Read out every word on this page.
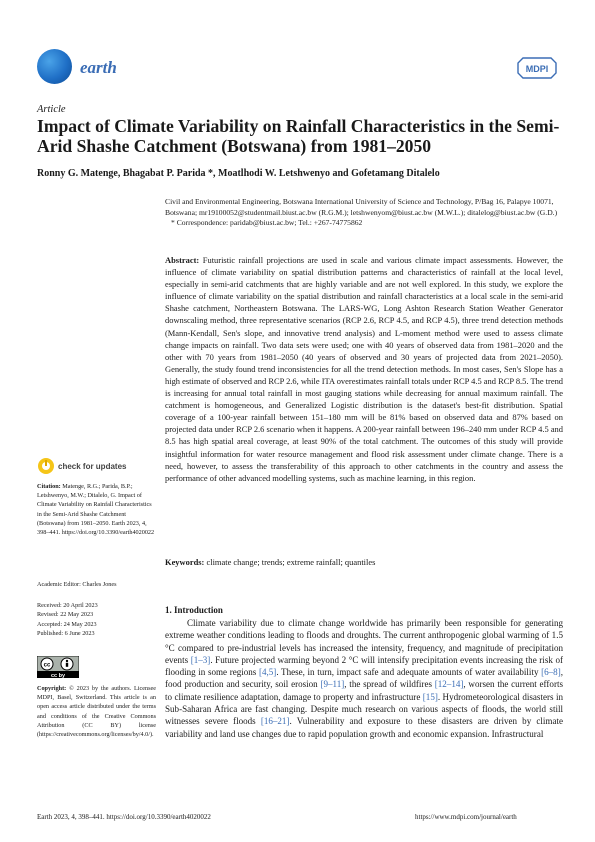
earth	MDPI
Article
Impact of Climate Variability on Rainfall Characteristics in the Semi-Arid Shashe Catchment (Botswana) from 1981–2050
Ronny G. Matenge, Bhagabat P. Parida *, Moatlhodi W. Letshwenyo and Gofetamang Ditalelo
Civil and Environmental Engineering, Botswana International University of Science and Technology, P/Bag 16, Palapye 10071, Botswana; mr19100052@studentmail.biust.ac.bw (R.G.M.); letshwenyom@biust.ac.bw (M.W.L.); ditalelog@biust.ac.bw (G.D.)
* Correspondence: paridab@biust.ac.bw; Tel.: +267-74775862
Abstract: Futuristic rainfall projections are used in scale and various climate impact assessments. However, the influence of climate variability on spatial distribution patterns and characteristics of rainfall at the local level, especially in semi-arid catchments that are highly variable and are not well explored. In this study, we explore the influence of climate variability on the spatial distribution and rainfall characteristics at a local scale in the semi-arid Shashe catchment, Northeastern Botswana. The LARS-WG, Long Ashton Research Station Weather Generator downscaling method, three representative scenarios (RCP 2.6, RCP 4.5, and RCP 4.5), three trend detection methods (Mann-Kendall, Sen's slope, and innovative trend analysis) and L-moment method were used to assess climate change impacts on rainfall. Two data sets were used; one with 40 years of observed data from 1981–2020 and the other with 70 years from 1981–2050 (40 years of observed and 30 years of projected data from 2021–2050). Generally, the study found trend inconsistencies for all the trend detection methods. In most cases, Sen's Slope has a high estimate of observed and RCP 2.6, while ITA overestimates rainfall totals under RCP 4.5 and RCP 8.5. The trend is increasing for annual total rainfall in most gauging stations while decreasing for annual maximum rainfall. The catchment is homogeneous, and Generalized Logistic distribution is the dataset's best-fit distribution. Spatial coverage of a 100-year rainfall between 151–180 mm will be 81% based on observed data and 87% based on projected data under RCP 2.6 scenario when it happens. A 200-year rainfall between 196–240 mm under RCP 4.5 and 8.5 has high spatial areal coverage, at least 90% of the total catchment. The outcomes of this study will provide insightful information for water resource management and flood risk assessment under climate change. There is a need, however, to assess the transferability of this approach to other catchments in the country and assess the performance of other advanced modelling systems, such as machine learning, in this region.
Keywords: climate change; trends; extreme rainfall; quantiles
1. Introduction
Climate variability due to climate change worldwide has primarily been responsible for generating extreme weather conditions leading to floods and droughts. The current anthropogenic global warming of 1.5 °C compared to pre-industrial levels has increased the intensity, frequency, and magnitude of precipitation events [1–3]. Future projected warming beyond 2 °C will intensify precipitation events increasing the risk of flooding in some regions [4,5]. These, in turn, impact safe and adequate amounts of water availability [6–8], food production and security, soil erosion [9–11], the spread of wildfires [12–14], worsen the current efforts to climate resilience adaptation, damage to property and infrastructure [15]. Hydrometeorological disasters in Sub-Saharan Africa are fast changing. Despite much research on various aspects of floods, the world still witnesses severe floods [16–21]. Vulnerability and exposure to these disasters are driven by climate variability and land use changes due to rapid population growth and economic expansion. Infrastructural
check for updates
Citation: Matenge, R.G.; Parida, B.P.; Letshwenyo, M.W.; Ditalelo, G. Impact of Climate Variability on Rainfall Characteristics in the Semi-Arid Shashe Catchment (Botswana) from 1981–2050. Earth 2023, 4, 398–441. https://doi.org/10.3390/earth4020022
Academic Editor: Charles Jones
Received: 20 April 2023
Revised: 22 May 2023
Accepted: 24 May 2023
Published: 6 June 2023
cc
cc by
Copyright: © 2023 by the authors. Licensee MDPI, Basel, Switzerland. This article is an open access article distributed under the terms and conditions of the Creative Commons Attribution (CC BY) license (https://creativecommons.org/licenses/by/4.0/).
Earth 2023, 4, 398–441. https://doi.org/10.3390/earth4020022	https://www.mdpi.com/journal/earth
